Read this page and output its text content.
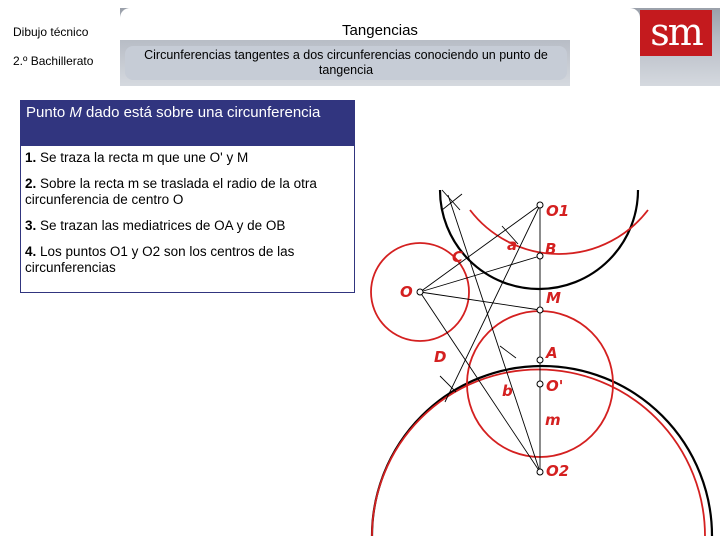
Tangencias
Dibujo técnico
2.º Bachillerato	Circunferencias tangentes a dos circunferencias conociendo un punto de tangencia
sm
Punto M dado está sobre una circunferencia
1. Se traza la recta m que une O' y M
2. Sobre la recta m se traslada el radio de la otra circunferencia de centro O
3. Se trazan las mediatrices de OA y de OB
4. Los puntos O1 y O2 son los centros de las circunferencias
O1
a B
C
O	M
D	A
b O'
m
O2
